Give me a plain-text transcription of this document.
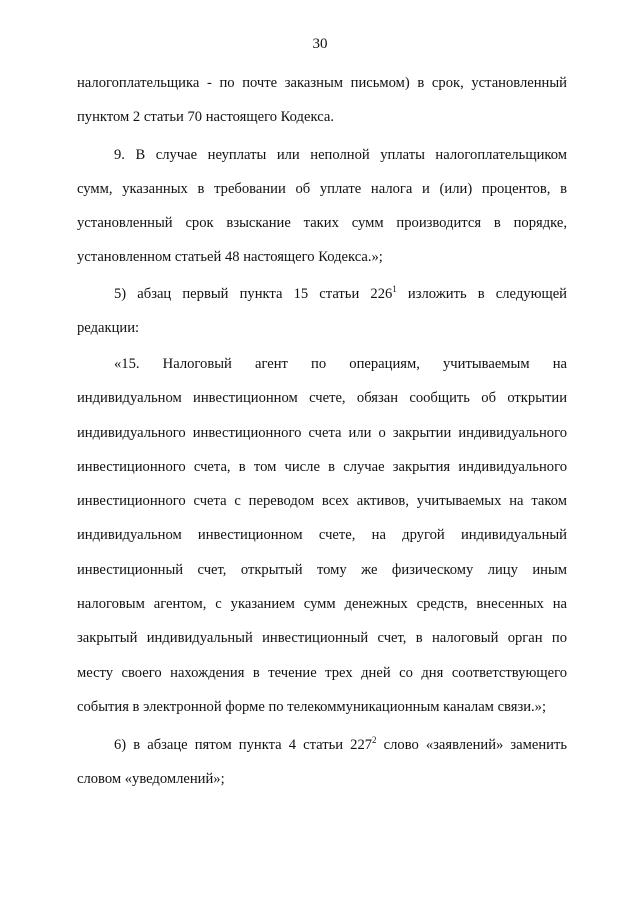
30
налогоплательщика - по почте заказным письмом) в срок, установленный
пунктом 2 статьи 70 настоящего Кодекса.
9. В случае неуплаты или неполной уплаты налогоплательщиком
сумм, указанных в требовании об уплате налога и (или) процентов, в
установленный срок взыскание таких сумм производится в порядке,
установленном статьей 48 настоящего Кодекса.»;
5) абзац первый пункта 15 статьи $226^1$ изложить в следующей
редакции:
«15. Налоговый агент по операциям, учитываемым на
индивидуальном инвестиционном счете, обязан сообщить об открытии
индивидуального инвестиционного счета или о закрытии индивидуального
инвестиционного счета, в том числе в случае закрытия индивидуального
инвестиционного счета с переводом всех активов, учитываемых на таком
индивидуальном инвестиционном счете, на другой индивидуальный
инвестиционный счет, открытый тому же физическому лицу иным
налоговым агентом, с указанием сумм денежных средств, внесенных на
закрытый индивидуальный инвестиционный счет, в налоговый орган по
месту своего нахождения в течение трех дней со дня соответствующего
события в электронной форме по телекоммуникационным каналам связи.»;
6) в абзаце пятом пункта 4 статьи $227^2$ слово «заявлений» заменить
словом «уведомлений»;
